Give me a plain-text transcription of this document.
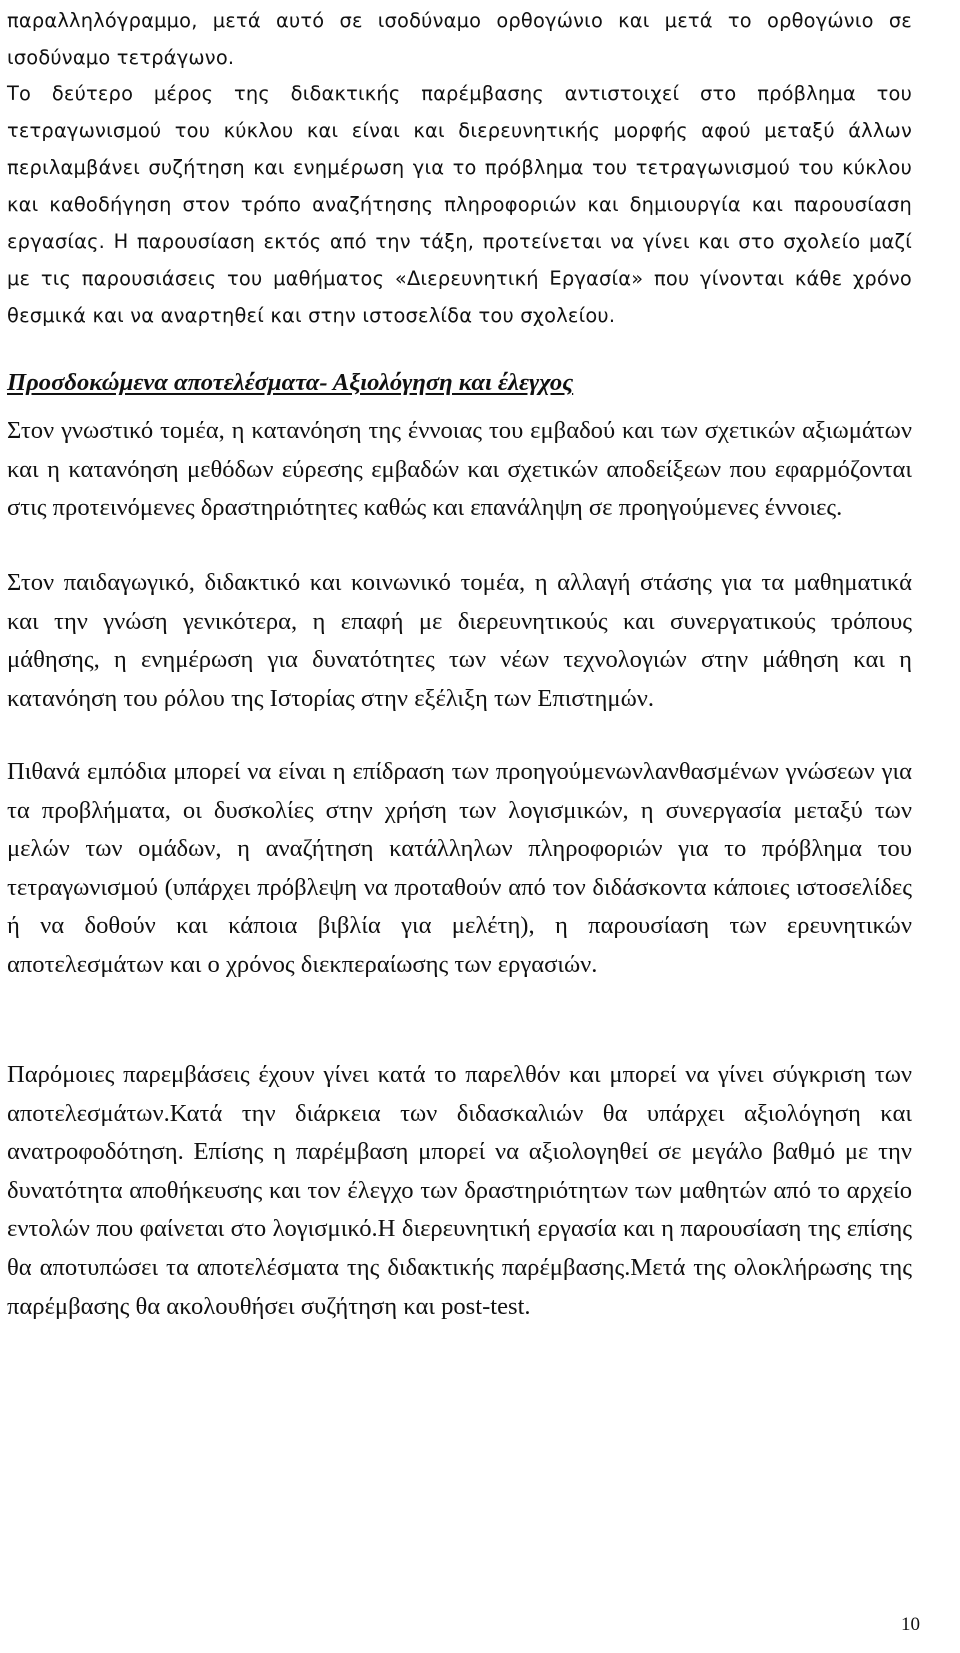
παραλληλόγραμμο, μετά αυτό σε ισοδύναμο ορθογώνιο και μετά το ορθογώνιο σε ισοδύναμο τετράγωνο.
Το δεύτερο μέρος της διδακτικής παρέμβασης αντιστοιχεί στο πρόβλημα του τετραγωνισμού του κύκλου και είναι και διερευνητικής μορφής αφού μεταξύ άλλων περιλαμβάνει συζήτηση και ενημέρωση για το πρόβλημα του τετραγωνισμού του κύκλου και καθοδήγηση στον τρόπο αναζήτησης πληροφοριών και δημιουργία και παρουσίαση εργασίας. Η παρουσίαση εκτός από την τάξη, προτείνεται να γίνει και στο σχολείο μαζί με τις παρουσιάσεις του μαθήματος «Διερευνητική Εργασία» που γίνονται κάθε χρόνο θεσμικά και να αναρτηθεί και στην ιστοσελίδα του σχολείου.
Προσδοκώμενα αποτελέσματα- Αξιολόγηση και έλεγχος
Στον γνωστικό τομέα, η κατανόηση της έννοιας του εμβαδού και των σχετικών αξιωμάτων και η κατανόηση μεθόδων εύρεσης εμβαδών και σχετικών αποδείξεων που εφαρμόζονται στις προτεινόμενες δραστηριότητες καθώς και επανάληψη σε προηγούμενες έννοιες.
Στον παιδαγωγικό, διδακτικό και κοινωνικό τομέα, η αλλαγή στάσης για τα μαθηματικά και την γνώση γενικότερα, η επαφή με διερευνητικούς και συνεργατικούς τρόπους μάθησης, η ενημέρωση για δυνατότητες των νέων τεχνολογιών στην μάθηση και η κατανόηση του ρόλου της Ιστορίας στην εξέλιξη των Επιστημών.
Πιθανά εμπόδια μπορεί να είναι η επίδραση των προηγούμενωνλανθασμένων γνώσεων για τα προβλήματα, οι δυσκολίες στην χρήση των λογισμικών, η συνεργασία μεταξύ των μελών των ομάδων, η αναζήτηση κατάλληλων πληροφοριών για το πρόβλημα του τετραγωνισμού (υπάρχει πρόβλεψη να προταθούν από τον διδάσκοντα κάποιες ιστοσελίδες ή να δοθούν και κάποια βιβλία για μελέτη), η παρουσίαση των ερευνητικών αποτελεσμάτων και ο χρόνος διεκπεραίωσης των εργασιών.
Παρόμοιες παρεμβάσεις έχουν γίνει κατά το παρελθόν και μπορεί να γίνει σύγκριση των αποτελεσμάτων.Κατά την διάρκεια των διδασκαλιών θα υπάρχει αξιολόγηση και ανατροφοδότηση. Επίσης η παρέμβαση μπορεί να αξιολογηθεί σε μεγάλο βαθμό με την δυνατότητα αποθήκευσης και τον έλεγχο των δραστηριότητων των μαθητών από το αρχείο εντολών που φαίνεται στο λογισμικό.Η διερευνητική εργασία και η παρουσίαση της επίσης θα αποτυπώσει τα αποτελέσματα της διδακτικής παρέμβασης.Μετά της ολοκλήρωσης της παρέμβασης θα ακολουθήσει συζήτηση και post-test.
10
